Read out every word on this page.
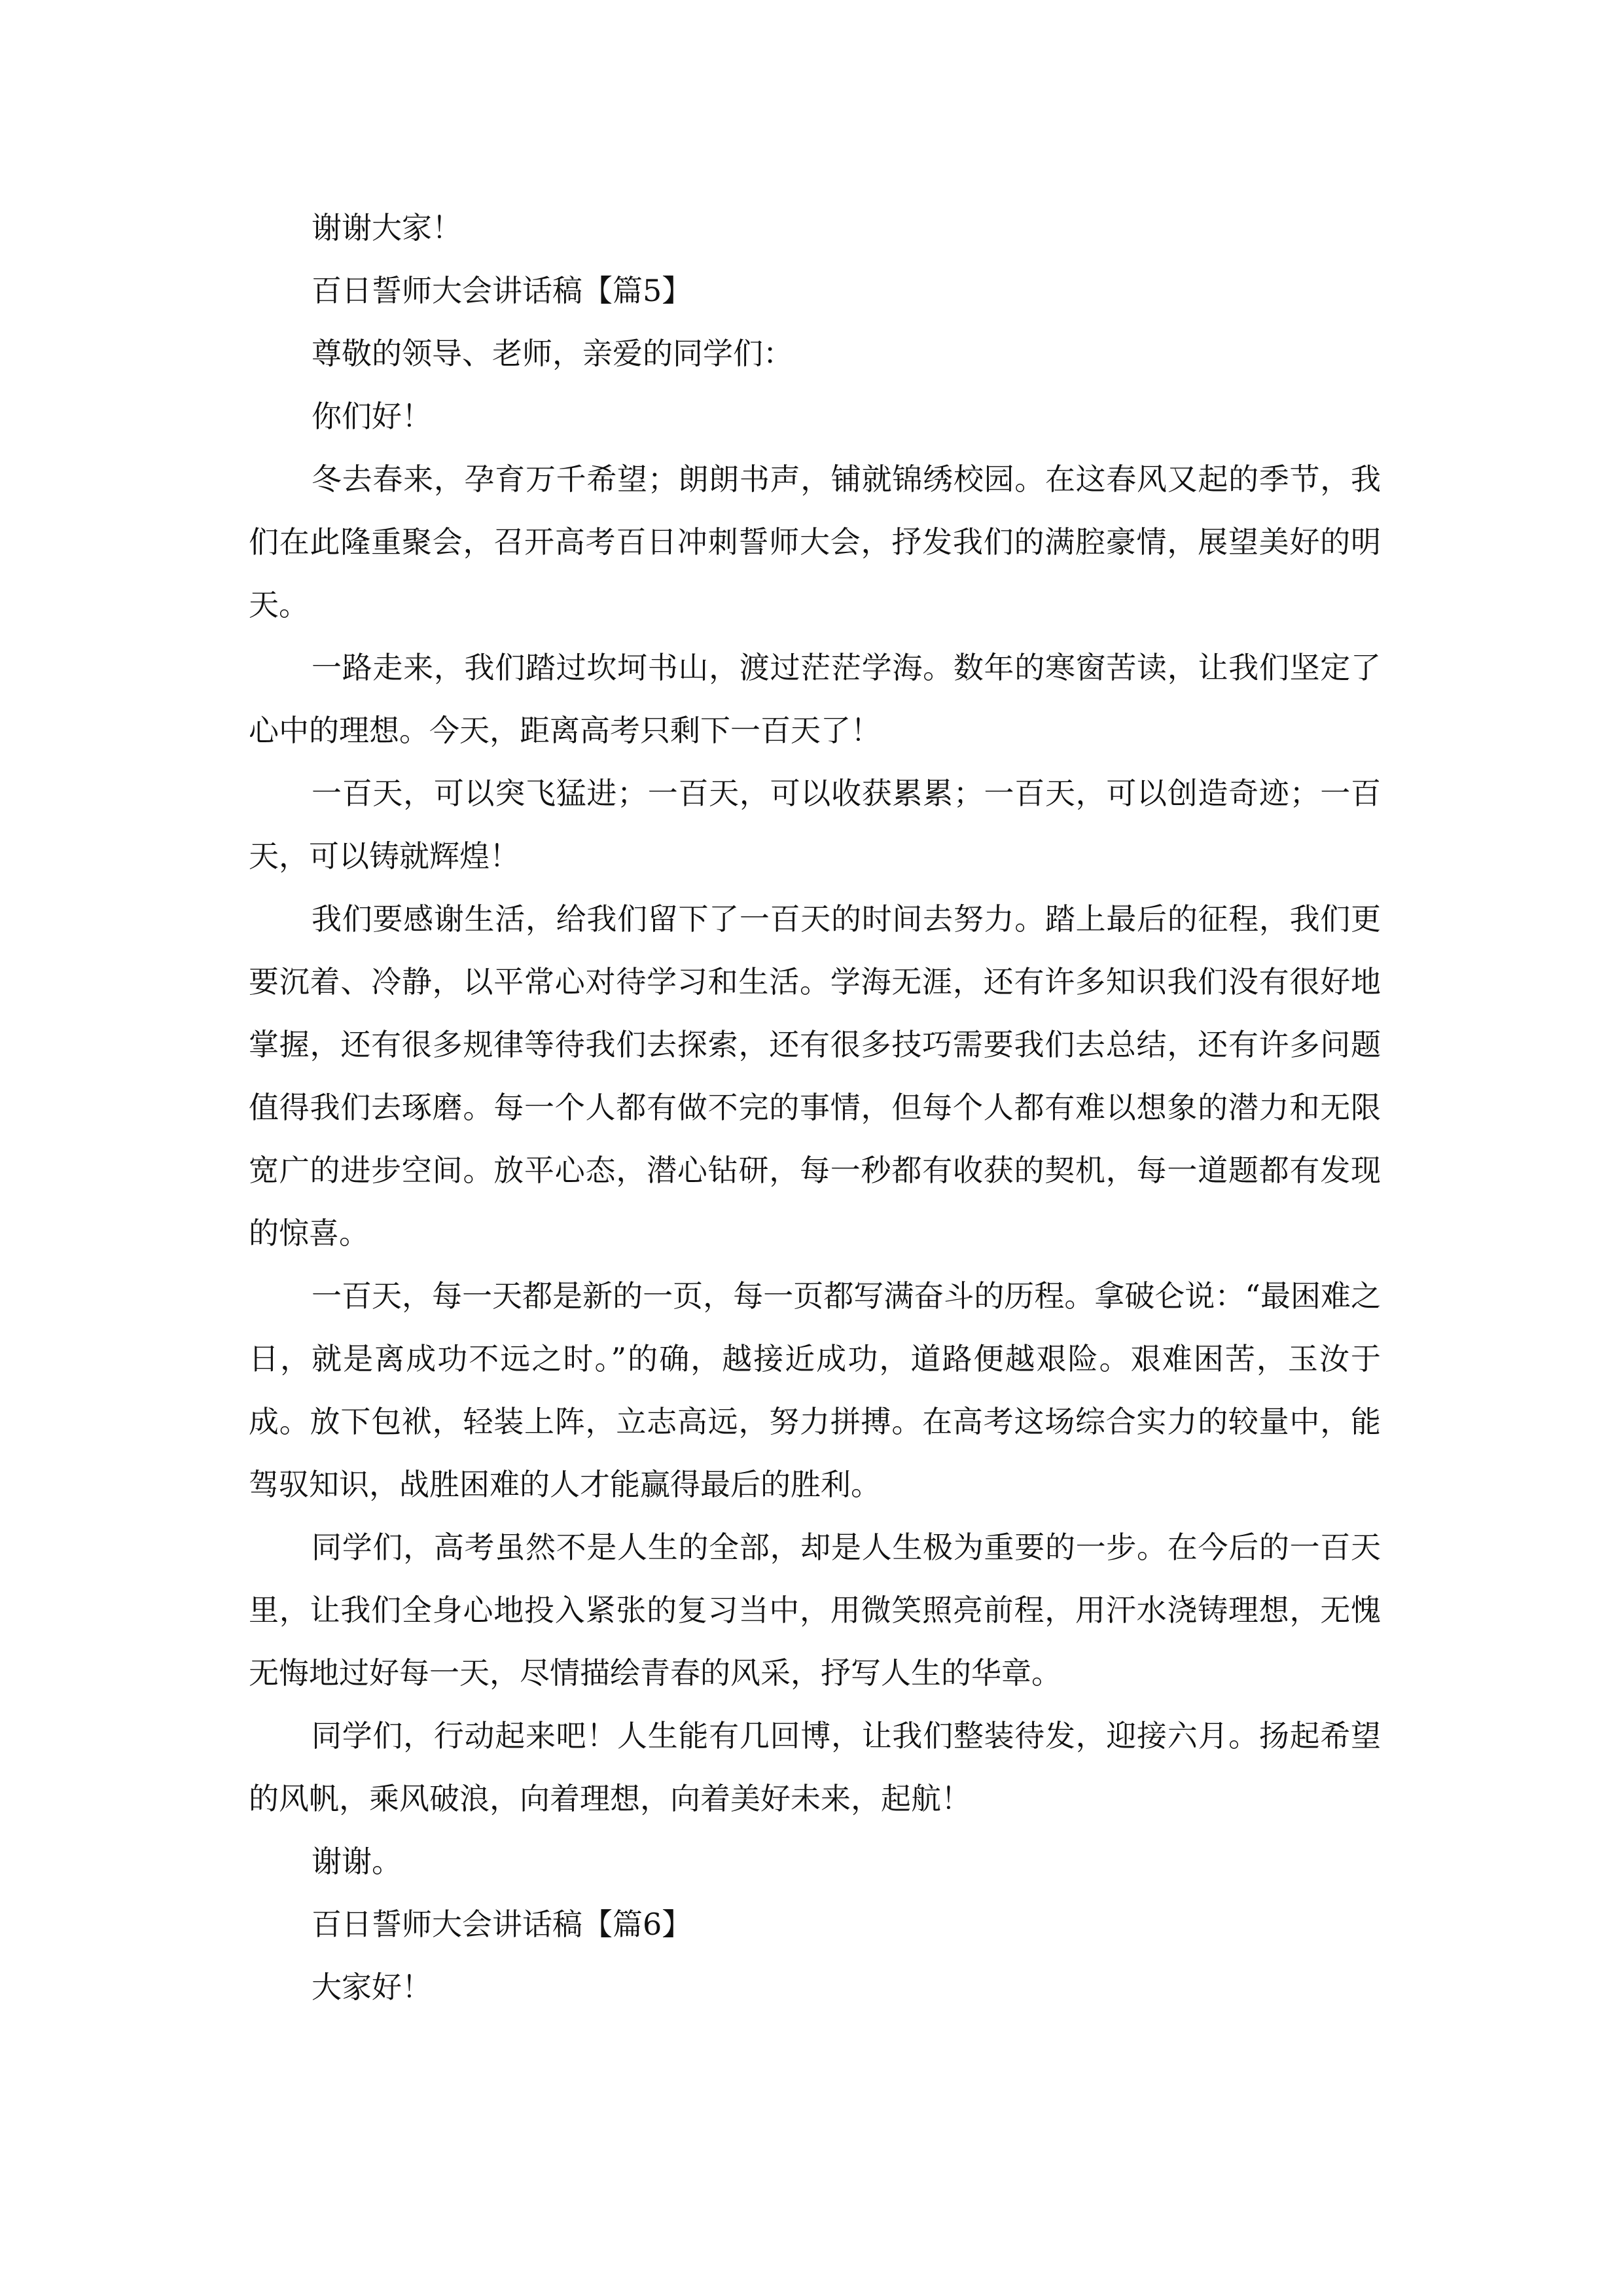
谢谢大家！

百日誓师大会讲话稿【篇5】

尊敬的领导、老师，亲爱的同学们：

你们好！

冬去春来，孕育万千希望；朗朗书声，铺就锦绣校园。在这春风又起的季节，我们在此隆重聚会，召开高考百日冲刺誓师大会，抒发我们的满腔豪情，展望美好的明天。

一路走来，我们踏过坎坷书山，渡过茫茫学海。数年的寒窗苦读，让我们坚定了心中的理想。今天，距离高考只剩下一百天了！

一百天，可以突飞猛进；一百天，可以收获累累；一百天，可以创造奇迹；一百天，可以铸就辉煌！

我们要感谢生活，给我们留下了一百天的时间去努力。踏上最后的征程，我们更要沉着、冷静，以平常心对待学习和生活。学海无涯，还有许多知识我们没有很好地掌握，还有很多规律等待我们去探索，还有很多技巧需要我们去总结，还有许多问题值得我们去琢磨。每一个人都有做不完的事情，但每个人都有难以想象的潜力和无限宽广的进步空间。放平心态，潜心钻研，每一秒都有收获的契机，每一道题都有发现的惊喜。

一百天，每一天都是新的一页，每一页都写满奋斗的历程。拿破仑说：“最困难之日，就是离成功不远之时。”的确，越接近成功，道路便越艰险。艰难困苦，玉汝于成。放下包袱，轻装上阵，立志高远，努力拼搏。在高考这场综合实力的较量中，能驾驭知识，战胜困难的人才能赢得最后的胜利。

同学们，高考虽然不是人生的全部，却是人生极为重要的一步。在今后的一百天里，让我们全身心地投入紧张的复习当中，用微笑照亮前程，用汗水浇铸理想，无愧无悔地过好每一天，尽情描绘青春的风采，抒写人生的华章。

同学们，行动起来吧！人生能有几回博，让我们整装待发，迎接六月。扬起希望的风帆，乘风破浪，向着理想，向着美好未来，起航！

谢谢。

百日誓师大会讲话稿【篇6】

大家好！
